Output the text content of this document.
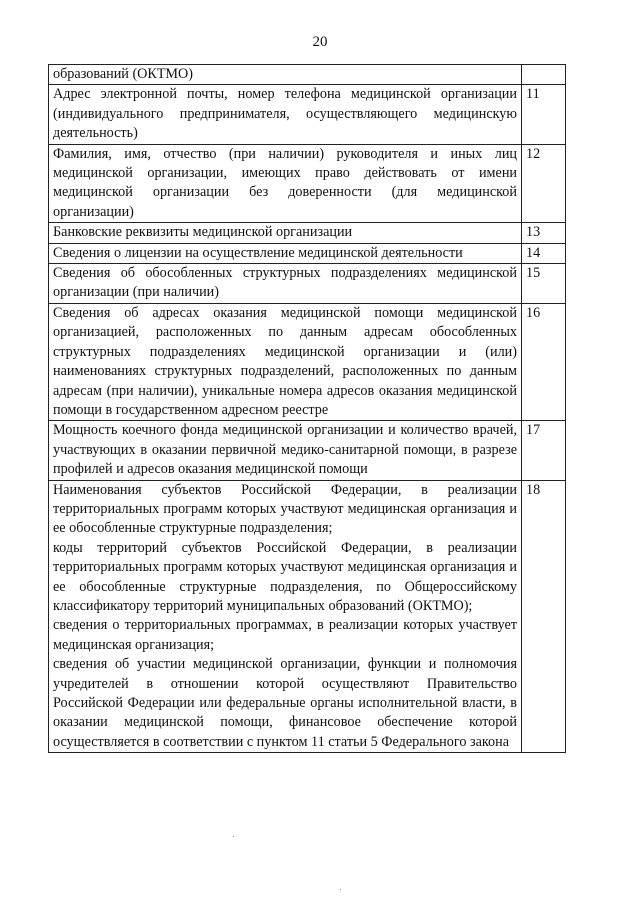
20
образований (ОКТМО)	

Адрес электронной почты, номер телефона медицинской организации (индивидуального предпринимателя, осуществляющего медицинскую деятельность)	11

Фамилия, имя, отчество (при наличии) руководителя и иных лиц медицинской организации, имеющих право действовать от имени медицинской организации без доверенности (для медицинской организации)	12

Банковские реквизиты медицинской организации	13

Сведения о лицензии на осуществление медицинской деятельности	14

Сведения об обособленных структурных подразделениях медицинской организации (при наличии)	15

Сведения об адресах оказания медицинской помощи медицинской организацией, расположенных по данным адресам обособленных структурных подразделениях медицинской организации и (или) наименованиях структурных подразделений, расположенных по данным адресам (при наличии), уникальные номера адресов оказания медицинской помощи в государственном адресном реестре	16

Мощность коечного фонда медицинской организации и количество врачей, участвующих в оказании первичной медико-санитарной помощи, в разрезе профилей и адресов оказания медицинской помощи	17

Наименования субъектов Российской Федерации, в реализации территориальных программ которых участвуют медицинская организация и ее обособленные структурные подразделения;
коды территорий субъектов Российской Федерации, в реализации территориальных программ которых участвуют медицинская организация и ее обособленные структурные подразделения, по Общероссийскому классификатору территорий муниципальных образований (ОКТМО);
сведения о территориальных программах, в реализации которых участвует медицинская организация;
сведения об участии медицинской организации, функции и полномочия учредителей в отношении которой осуществляют Правительство Российской Федерации или федеральные органы исполнительной власти, в оказании медицинской помощи, финансовое обеспечение которой осуществляется в соответствии с пунктом 11 статьи 5 Федерального закона	18
